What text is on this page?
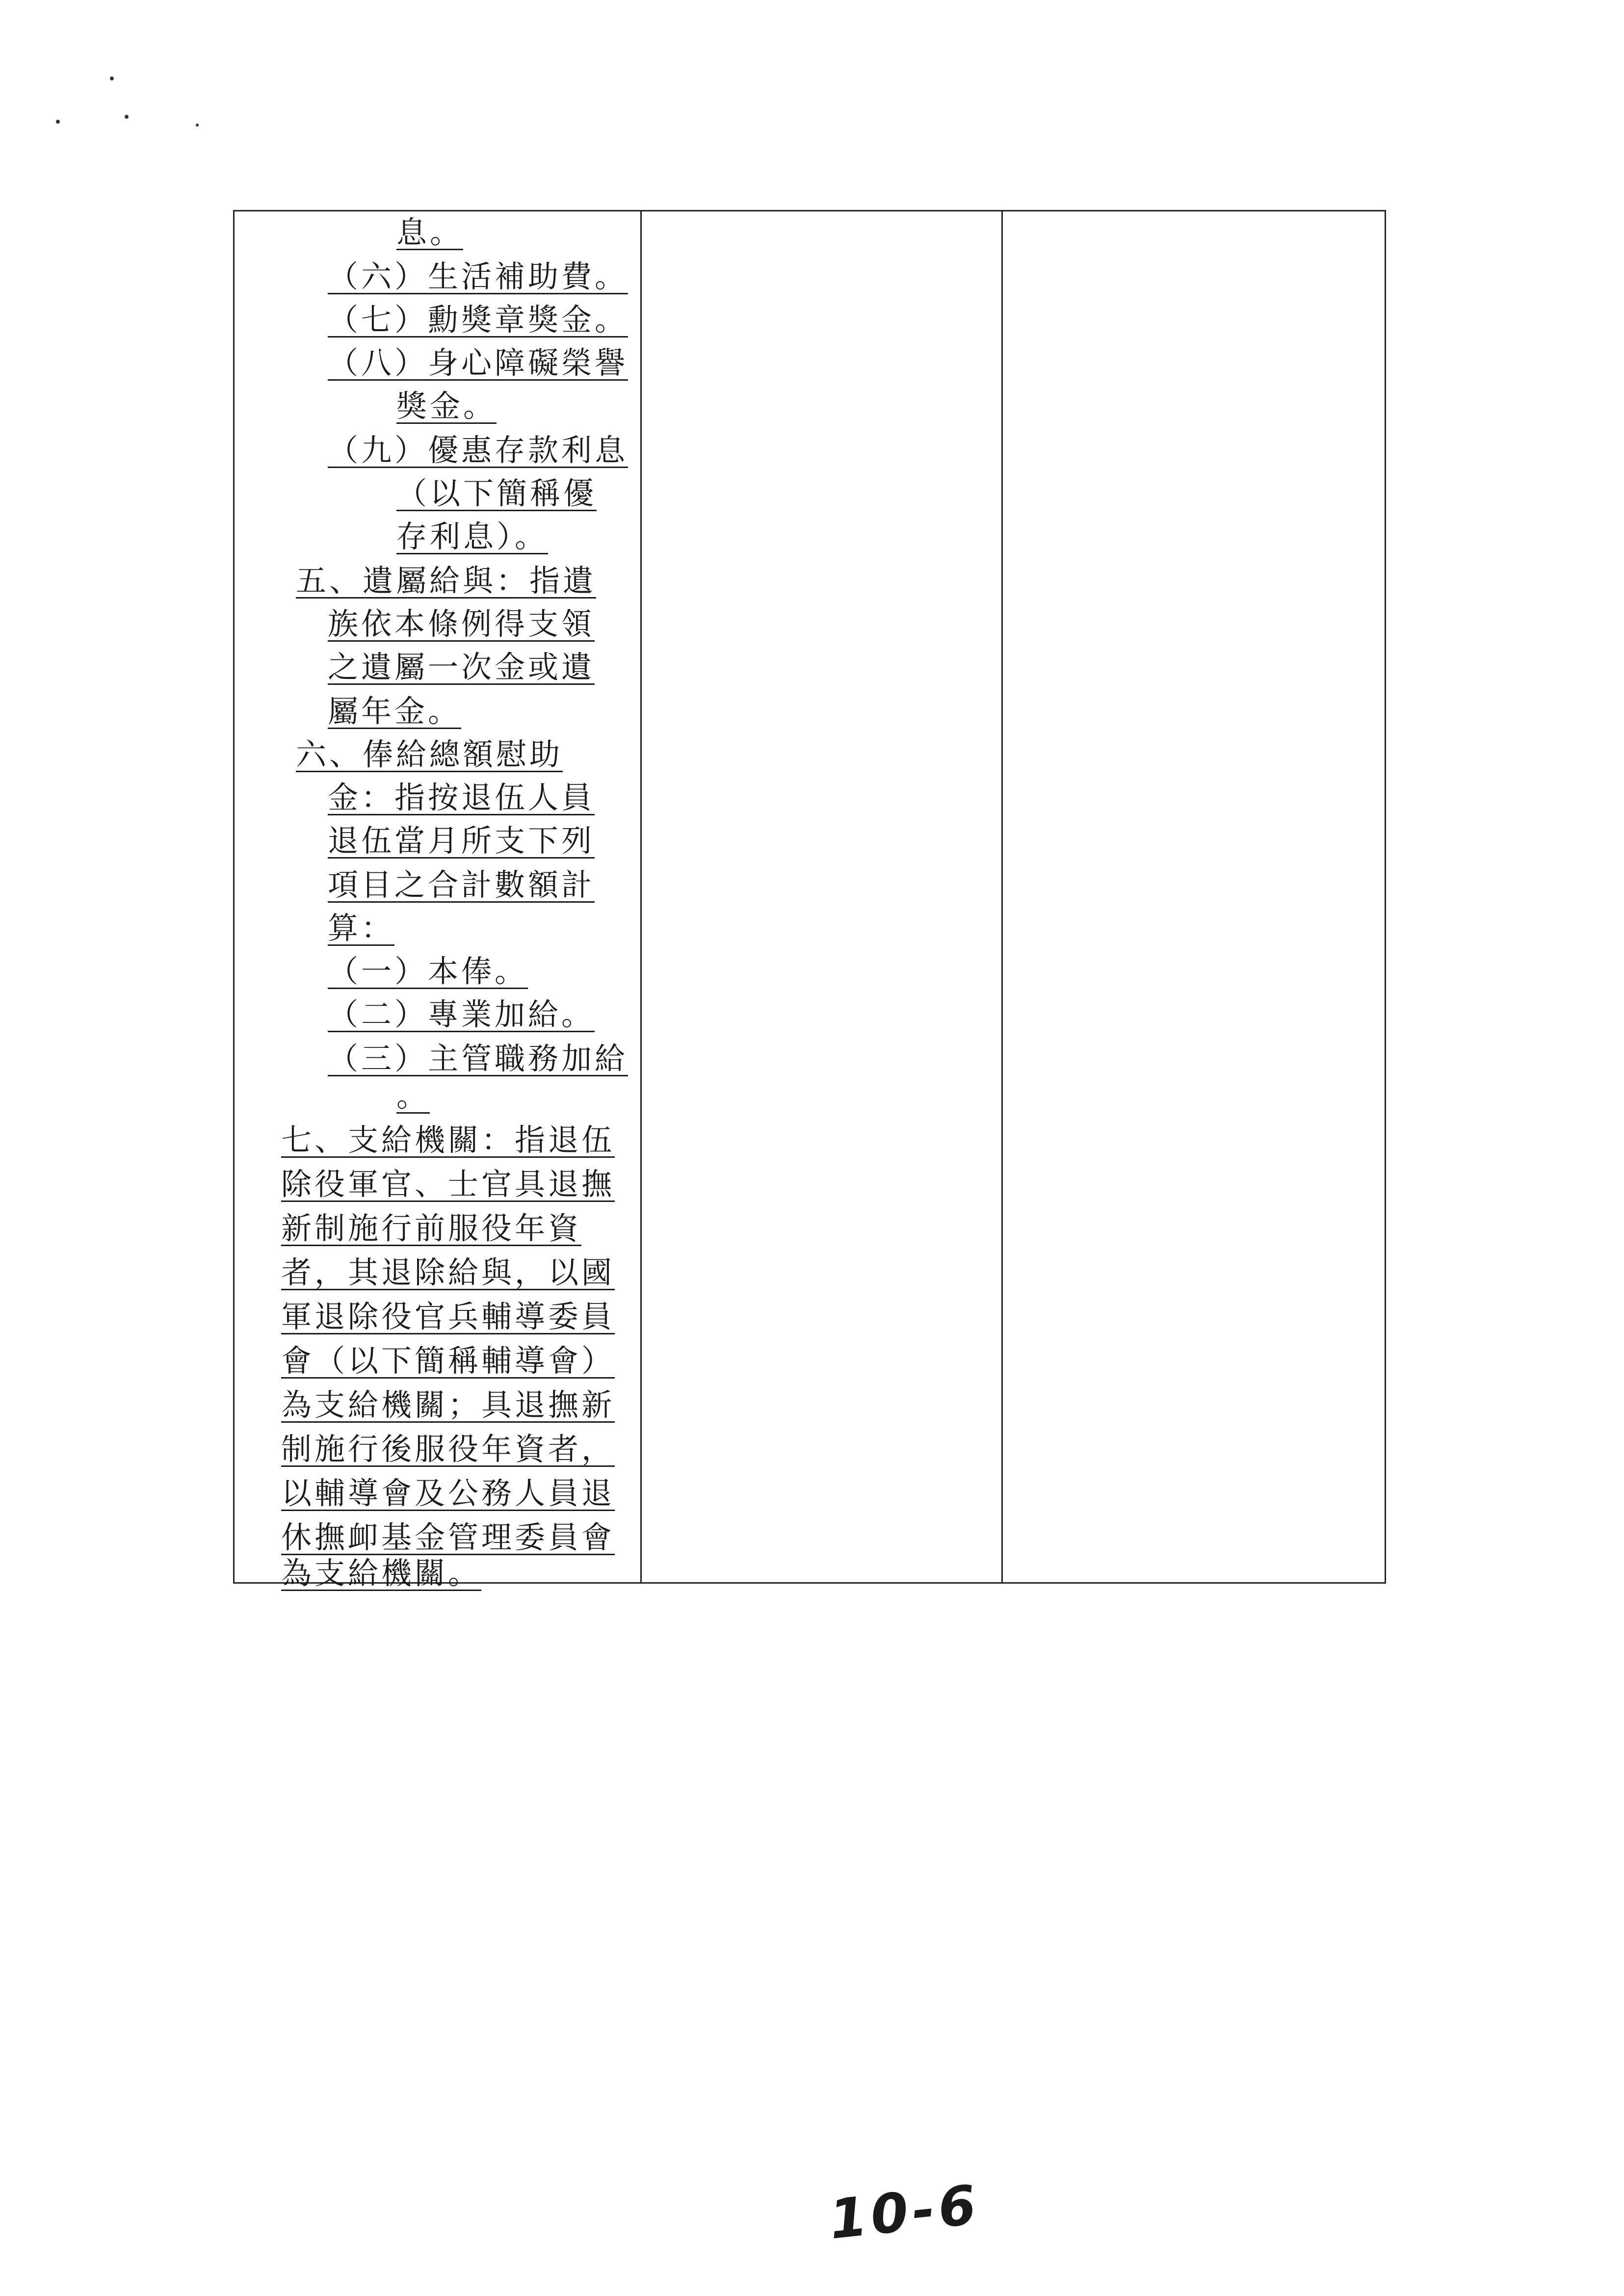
息。
（六）生活補助費。
（七）勳獎章獎金。
（八）身心障礙榮譽
獎金。
（九）優惠存款利息
（以下簡稱優
存利息）。
五、遺屬給與：指遺
族依本條例得支領
之遺屬一次金或遺
屬年金。
六、俸給總額慰助
金：指按退伍人員
退伍當月所支下列
項目之合計數額計
算：
（一）本俸。
（二）專業加給。
（三）主管職務加給
。
七、支給機關：指退伍
除役軍官、士官具退撫
新制施行前服役年資
者，其退除給與，以國
軍退除役官兵輔導委員
會（以下簡稱輔導會）
為支給機關；具退撫新
制施行後服役年資者，
以輔導會及公務人員退
休撫卹基金管理委員會
為支給機關。
10-6
